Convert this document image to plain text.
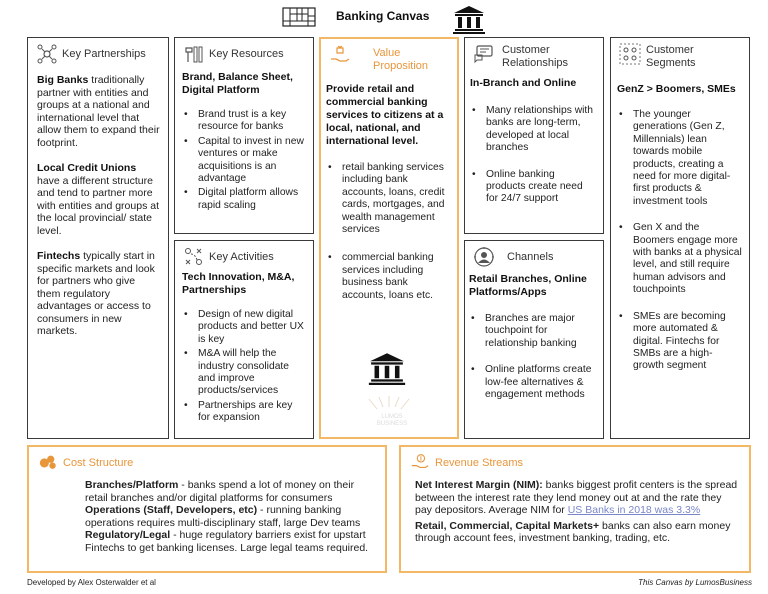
Banking Canvas
Key Partnerships

Big Banks traditionally partner with entities and groups at a national and international level that allow them to expand their footprint.

Local Credit Unions have a different structure and tend to partner more with entities and groups at the local provincial/ state level.

Fintechs typically start in specific markets and look for partners who give them regulatory advantages or access to consumers in new markets.

Key Resources
Brand, Balance Sheet, Digital Platform
• Brand trust is a key resource for banks
• Capital to invest in new ventures or make acquisitions is an advantage
• Digital platform allows rapid scaling
Key Activities
Tech Innovation, M&A, Partnerships
• Design of new digital products and better UX is key
• M&A will help the industry consolidate and improve products/services
• Partnerships are key for expansion
Value
Proposition
Provide retail and commercial banking services to citizens at a local, national, and international level.
• retail banking services including bank accounts, loans, credit cards, mortgages, and wealth management services
• commercial banking services including business bank accounts, loans etc.
LUMOS BUSINESS
Customer
Relationships
In-Branch and Online
• Many relationships with banks are long-term, developed at local branches
• Online banking products create need for 24/7 support
Channels
Retail Branches, Online Platforms/Apps
• Branches are major touchpoint for relationship banking
• Online platforms create low-fee alternatives & engagement methods
Customer
Segments
GenZ > Boomers, SMEs
• The younger generations (Gen Z, Millennials) lean towards mobile products, creating a need for more digital-first products & investment tools
• Gen X and the Boomers engage more with banks at a physical level, and still require human advisors and touchpoints
• SMEs are becoming more automated & digital. Fintechs for SMBs are a high-growth segment
Cost Structure

Branches/Platform - banks spend a lot of money on their retail branches and/or digital platforms for consumers

Operations (Staff, Developers, etc) - running banking operations requires multi-disciplinary staff, large Dev teams

Regulatory/Legal - huge regulatory barriers exist for upstart Fintechs to get banking licenses. Large legal teams required.

Revenue Streams

Net Interest Margin (NIM): banks biggest profit centers is the spread between the interest rate they lend money out at and the rate they pay depositors. Average NIM for US Banks in 2018 was 3.3%

Retail, Commercial, Capital Markets+ banks can also earn money through account fees, investment banking, trading, etc.

Developed by Alex Osterwalder et al	This Canvas by LumosBusiness
